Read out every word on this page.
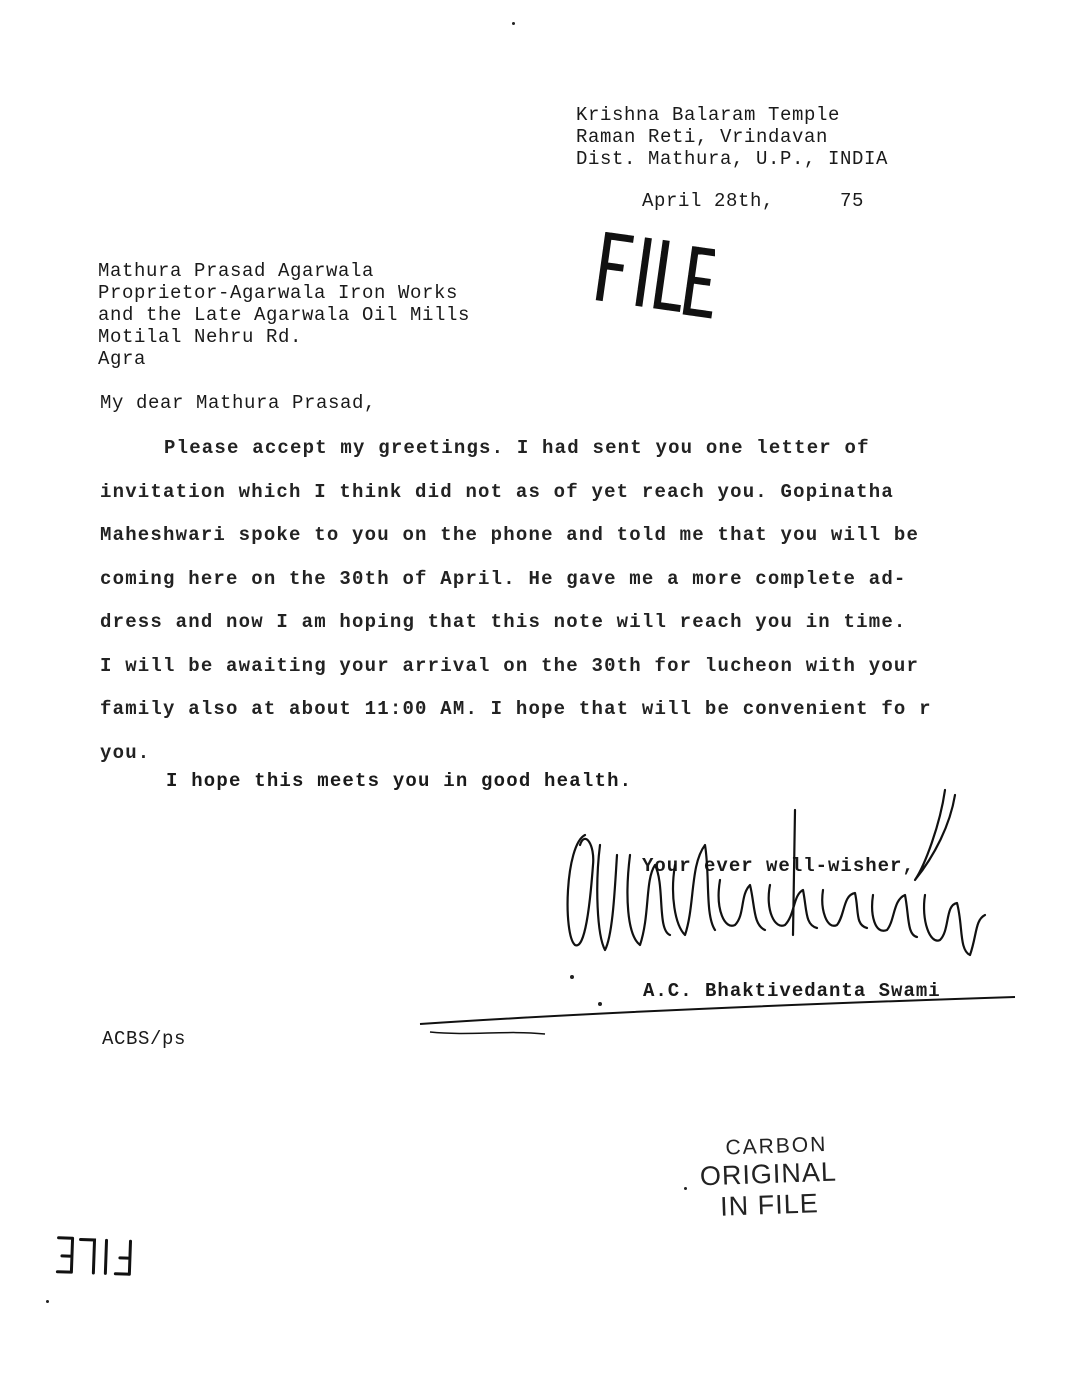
Krishna Balaram Temple
Raman Reti, Vrindavan
Dist. Mathura, U.P., INDIA
April 28th,	75
Mathura Prasad Agarwala
Proprietor-Agarwala Iron Works
and the Late Agarwala Oil Mills
Motilal Nehru Rd.
Agra
My dear Mathura Prasad,

Please accept my greetings. I had sent you one letter of

invitation which I think did not as of yet reach you. Gopinatha

Maheshwari spoke to you on the phone and told me that you will be

coming here on the 30th of April. He gave me a more complete ad-

dress and now I am hoping that this note will reach you in time.

I will be awaiting your arrival on the 30th for lucheon with your

family also at about 11:00 AM. I hope that will be convenient fo r

you.

I hope this meets you in good health.
Your ever well-wisher,
A.C. Bhaktivedanta Swami
ACBS/ps
CARBON
ORIGINAL
IN FILE
